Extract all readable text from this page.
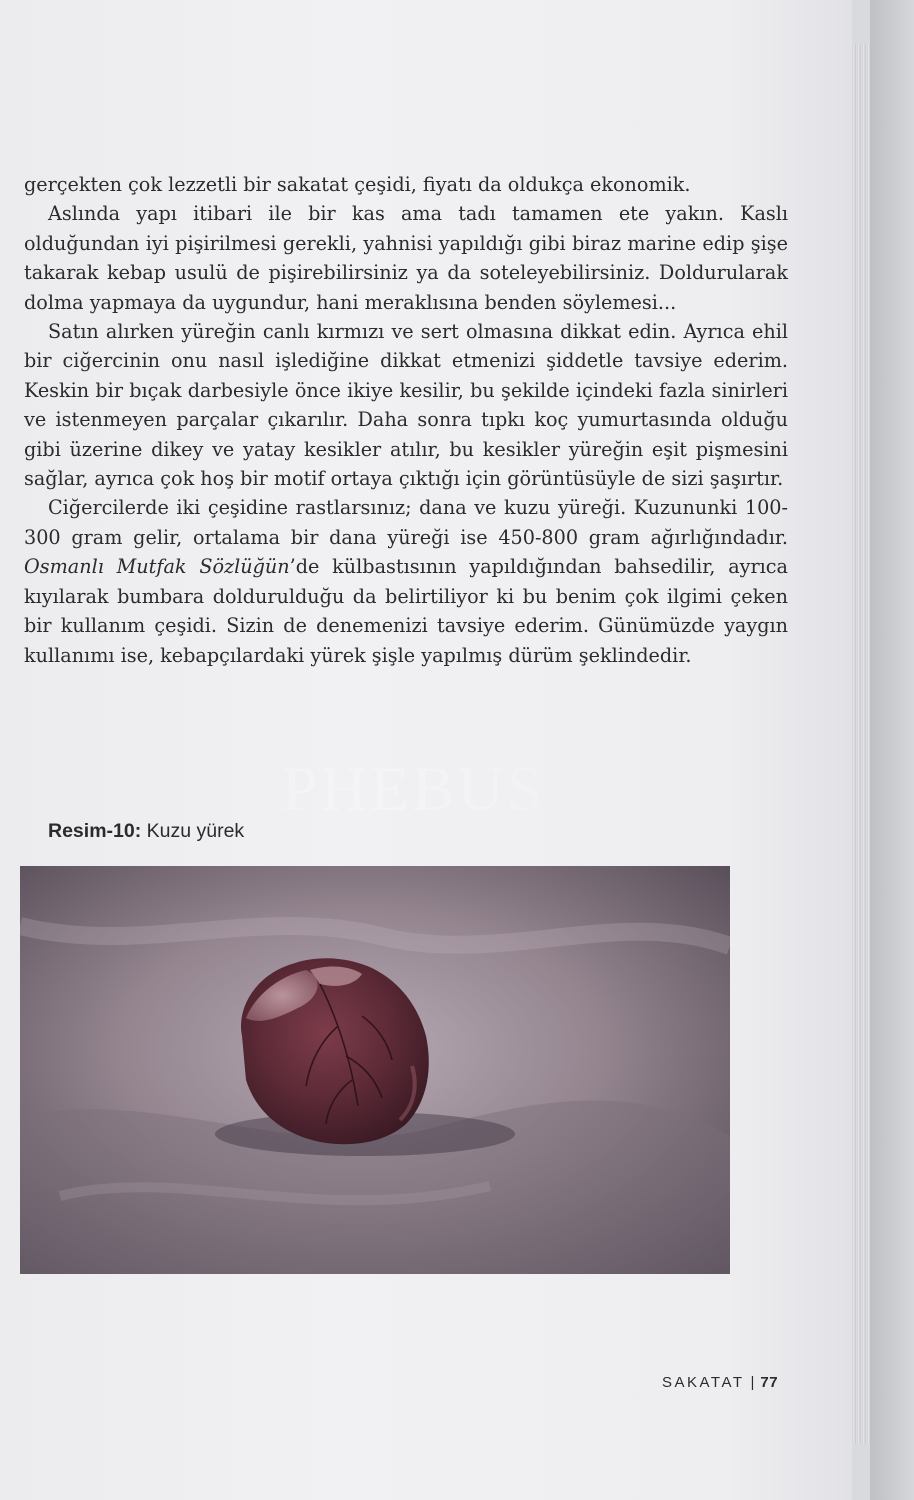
gerçekten çok lezzetli bir sakatat çeşidi, fiyatı da oldukça ekonomik.

Aslında yapı itibari ile bir kas ama tadı tamamen ete yakın. Kaslı olduğundan iyi pişirilmesi gerekli, yahnisi yapıldığı gibi biraz marine edip şişe takarak kebap usulü de pişirebilirsiniz ya da soteleyebilirsiniz. Doldurularak dolma yapmaya da uygundur, hani meraklısına benden söylemesi...

Satın alırken yüreğin canlı kırmızı ve sert olmasına dikkat edin. Ayrıca ehil bir ciğercinin onu nasıl işlediğine dikkat etmenizi şiddetle tavsiye ederim. Keskin bir bıçak darbesiyle önce ikiye kesilir, bu şekilde içindeki fazla sinirleri ve istenmeyen parçalar çıkarılır. Daha sonra tıpkı koç yumurtasında olduğu gibi üzerine dikey ve yatay kesikler atılır, bu kesikler yüreğin eşit pişmesini sağlar, ayrıca çok hoş bir motif ortaya çıktığı için görüntüsüyle de sizi şaşırtır.

Ciğercilerde iki çeşidine rastlarsınız; dana ve kuzu yüreği. Kuzununki 100-300 gram gelir, ortalama bir dana yüreği ise 450-800 gram ağırlığındadır. Osmanlı Mutfak Sözlüğün’de külbastısının yapıldığından bahsedilir, ayrıca kıyılarak bumbara doldurulduğu da belirtiliyor ki bu benim çok ilgimi çeken bir kullanım çeşidi. Sizin de denemenizi tavsiye ederim. Günümüzde yaygın kullanımı ise, kebapçılardaki yürek şişle yapılmış dürüm şeklindedir.

PHEBUS
Resim-10: Kuzu yürek
SAKATAT | 77
